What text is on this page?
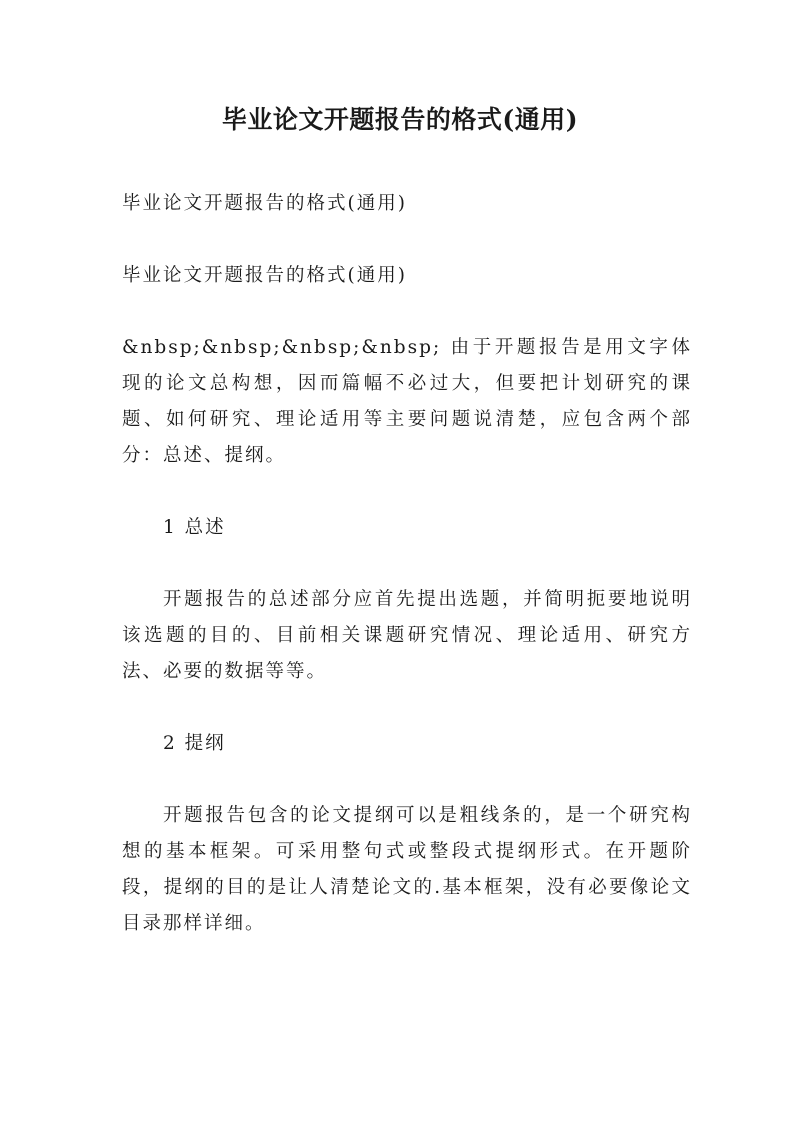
毕业论文开题报告的格式(通用)

毕业论文开题报告的格式(通用)

毕业论文开题报告的格式(通用)

&nbsp;&nbsp;&nbsp;&nbsp; 由于开题报告是用文字体现的论文总构想，因而篇幅不必过大，但要把计划研究的课题、如何研究、理论适用等主要问题说清楚，应包含两个部分：总述、提纲。

1 总述

开题报告的总述部分应首先提出选题，并简明扼要地说明该选题的目的、目前相关课题研究情况、理论适用、研究方法、必要的数据等等。

2 提纲

开题报告包含的论文提纲可以是粗线条的，是一个研究构想的基本框架。可采用整句式或整段式提纲形式。在开题阶段，提纲的目的是让人清楚论文的.基本框架，没有必要像论文目录那样详细。
